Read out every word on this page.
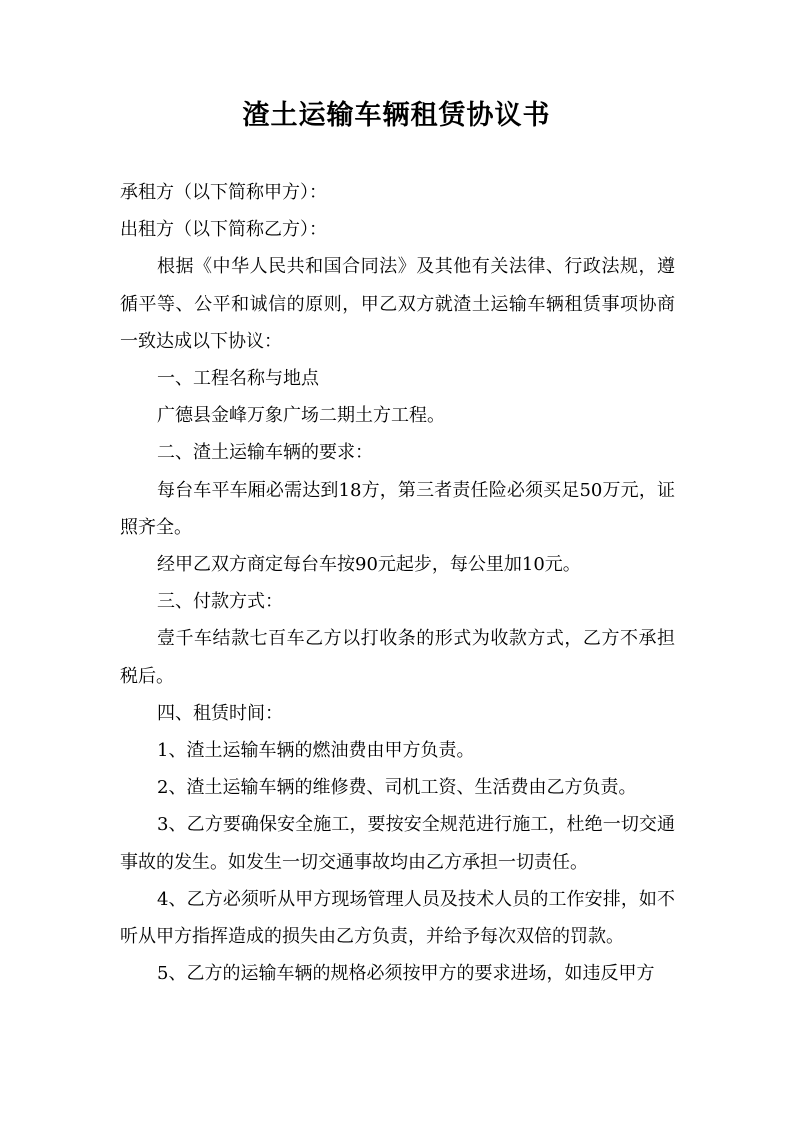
渣土运输车辆租赁协议书

承租方（以下简称甲方）：

出租方（以下简称乙方）：

根据《中华人民共和国合同法》及其他有关法律、行政法规，遵循平等、公平和诚信的原则，甲乙双方就渣土运输车辆租赁事项协商一致达成以下协议：

一、工程名称与地点

广德县金峰万象广场二期土方工程。

二、渣土运输车辆的要求：

每台车平车厢必需达到18方，第三者责任险必须买足50万元，证照齐全。

经甲乙双方商定每台车按90元起步，每公里加10元。

三、付款方式：

壹千车结款七百车乙方以打收条的形式为收款方式，乙方不承担税后。

四、租赁时间：

1、渣土运输车辆的燃油费由甲方负责。

2、渣土运输车辆的维修费、司机工资、生活费由乙方负责。

3、乙方要确保安全施工，要按安全规范进行施工，杜绝一切交通事故的发生。如发生一切交通事故均由乙方承担一切责任。

4、乙方必须听从甲方现场管理人员及技术人员的工作安排，如不听从甲方指挥造成的损失由乙方负责，并给予每次双倍的罚款。

5、乙方的运输车辆的规格必须按甲方的要求进场，如违反甲方
